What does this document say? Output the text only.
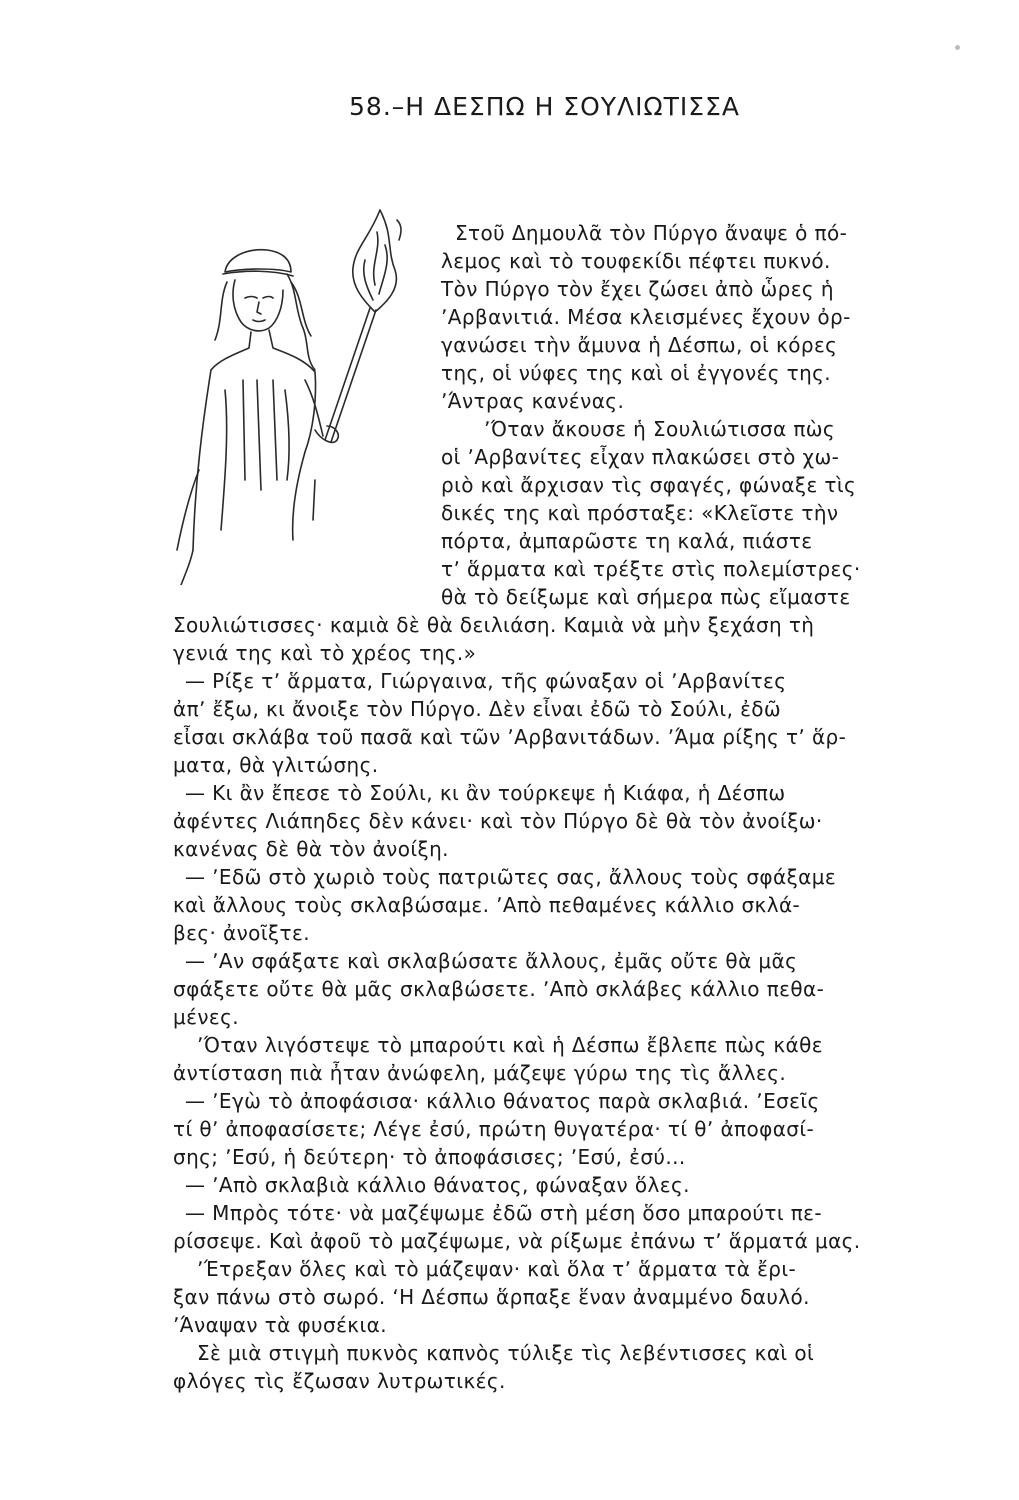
58.–Η ΔΕΣΠΩ Η ΣΟΥΛΙΩΤΙΣΣΑ
Στοῦ Δημουλᾶ τὸν Πύργο ἄναψε ὁ πό-
λεμος καὶ τὸ τουφεκίδι πέφτει πυκνό.
Τὸν Πύργο τὸν ἔχει ζώσει ἀπὸ ὧρες ἡ
ʼΑρβανιτιά. Μέσα κλεισμένες ἔχουν ὀρ-
γανώσει τὴν ἄμυνα ἡ Δέσπω, οἱ κόρες
της, οἱ νύφες της καὶ οἱ ἐγγονές της.
ʼΆντρας κανένας.
ʼΌταν ἄκουσε ἡ Σουλιώτισσα πὼς
οἱ ʼΑρβανίτες εἶχαν πλακώσει στὸ χω-
ριὸ καὶ ἄρχισαν τὶς σφαγές, φώναξε τὶς
δικές της καὶ πρόσταξε: «Κλεῖστε τὴν
πόρτα, ἀμπαρῶστε τη καλά, πιάστε
τʼ ἅρματα καὶ τρέξτε στὶς πολεμίστρες·
θὰ τὸ δείξωμε καὶ σήμερα πὼς εἴμαστε
Σουλιώτισσες· καμιὰ δὲ θὰ δειλιάση. Καμιὰ νὰ μὴν ξεχάση τὴ
γενιά της καὶ τὸ χρέος της.»
— Ρίξε τʼ ἅρματα, Γιώργαινα, τῆς φώναξαν οἱ ʼΑρβανίτες
ἀπʼ ἔξω, κι ἄνοιξε τὸν Πύργο. Δὲν εἶναι ἐδῶ τὸ Σούλι, ἐδῶ
εἶσαι σκλάβα τοῦ πασᾶ καὶ τῶν ʼΑρβανιτάδων. ʼΆμα ρίξης τʼ ἅρ-
ματα, θὰ γλιτώσης.
— Κι ἂν ἔπεσε τὸ Σούλι, κι ἂν τούρκεψε ἡ Κιάφα, ἡ Δέσπω
ἀφέντες Λιάπηδες δὲν κάνει· καὶ τὸν Πύργο δὲ θὰ τὸν ἀνοίξω·
κανένας δὲ θὰ τὸν ἀνοίξη.
— ʼΕδῶ στὸ χωριὸ τοὺς πατριῶτες σας, ἄλλους τοὺς σφάξαμε
καὶ ἄλλους τοὺς σκλαβώσαμε. ʼΑπὸ πεθαμένες κάλλιο σκλά-
βες· ἀνοῖξτε.
— ʼΑν σφάξατε καὶ σκλαβώσατε ἄλλους, ἐμᾶς οὔτε θὰ μᾶς
σφάξετε οὔτε θὰ μᾶς σκλαβώσετε. ʼΑπὸ σκλάβες κάλλιο πεθα-
μένες.
ʼΌταν λιγόστεψε τὸ μπαρούτι καὶ ἡ Δέσπω ἔβλεπε πὼς κάθε
ἀντίσταση πιὰ ἦταν ἀνώφελη, μάζεψε γύρω της τὶς ἄλλες.
— ʼΕγὼ τὸ ἀποφάσισα· κάλλιο θάνατος παρὰ σκλαβιά. ʼΕσεῖς
τί θʼ ἀποφασίσετε; Λέγε ἐσύ, πρώτη θυγατέρα· τί θʼ ἀποφασί-
σης; ʼΕσύ, ἡ δεύτερη· τὸ ἀποφάσισες; ʼΕσύ, ἐσύ...
— ʼΑπὸ σκλαβιὰ κάλλιο θάνατος, φώναξαν ὅλες.
— Μπρὸς τότε· νὰ μαζέψωμε ἐδῶ στὴ μέση ὅσο μπαρούτι πε-
ρίσσεψε. Καὶ ἀφοῦ τὸ μαζέψωμε, νὰ ρίξωμε ἐπάνω τʼ ἅρματά μας.
ʼΈτρεξαν ὅλες καὶ τὸ μάζεψαν· καὶ ὅλα τʼ ἅρματα τὰ ἔρι-
ξαν πάνω στὸ σωρό. ʻΗ Δέσπω ἅρπαξε ἕναν ἀναμμένο δαυλό.
ʼΆναψαν τὰ φυσέκια.
Σὲ μιὰ στιγμὴ πυκνὸς καπνὸς τύλιξε τὶς λεβέντισσες καὶ οἱ
φλόγες τὶς ἔζωσαν λυτρωτικές.
